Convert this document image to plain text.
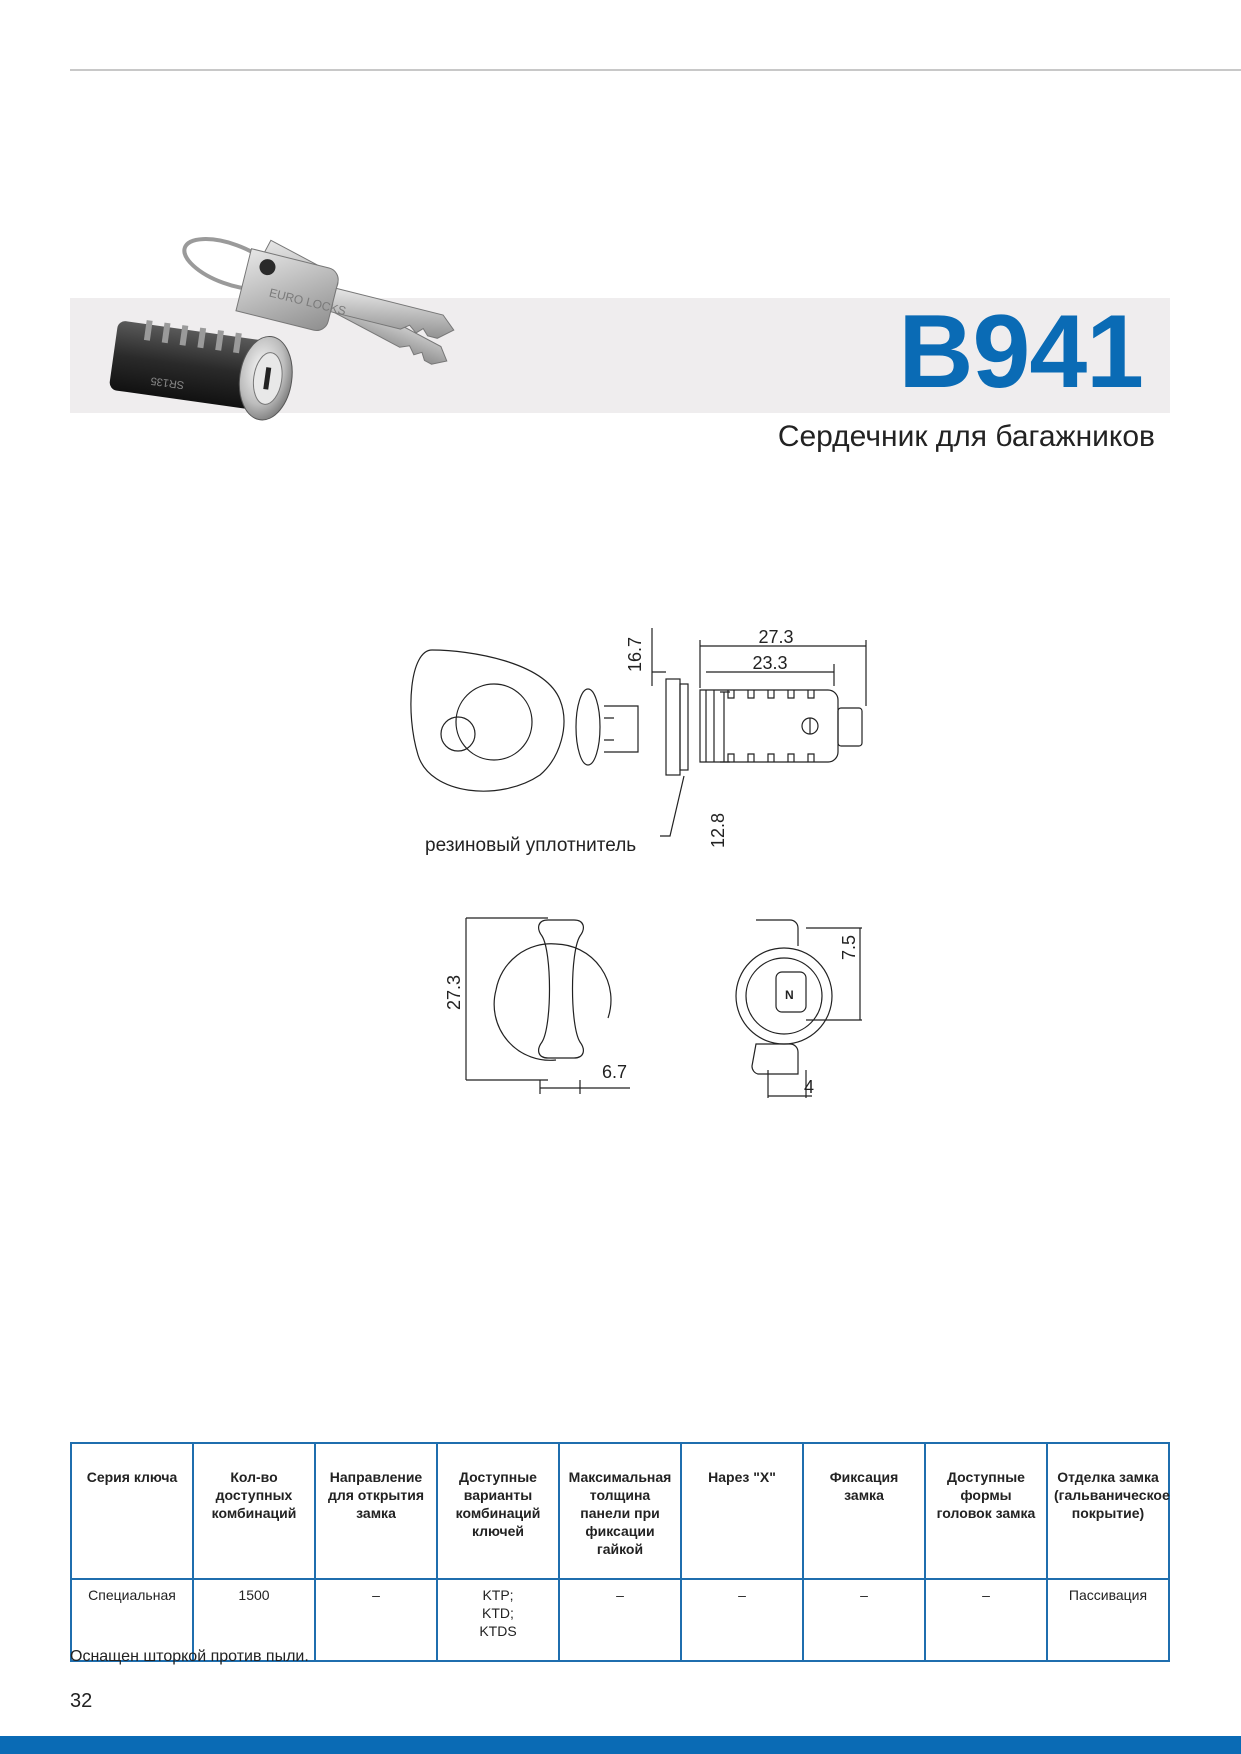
EURO LOCKS
SR135	B941
Сердечник для багажников
27.3
23.3
16.7
12.8
резиновый уплотнитель
27.3
6.7
7.5
4
N
Серия ключа	Кол-во доступных комбинаций	Направление для открытия замка	Доступные варианты комбинаций ключей	Максимальная толщина панели при фиксации гайкой	Нарез "X"	Фиксация замка	Доступные формы головок замка	Отделка замка (гальваническое покрытие)
Специальная	1500	–	KTP;
KTD;
KTDS	–	–	–	–	Пассивация

Оснащен шторкой против пыли.

32
